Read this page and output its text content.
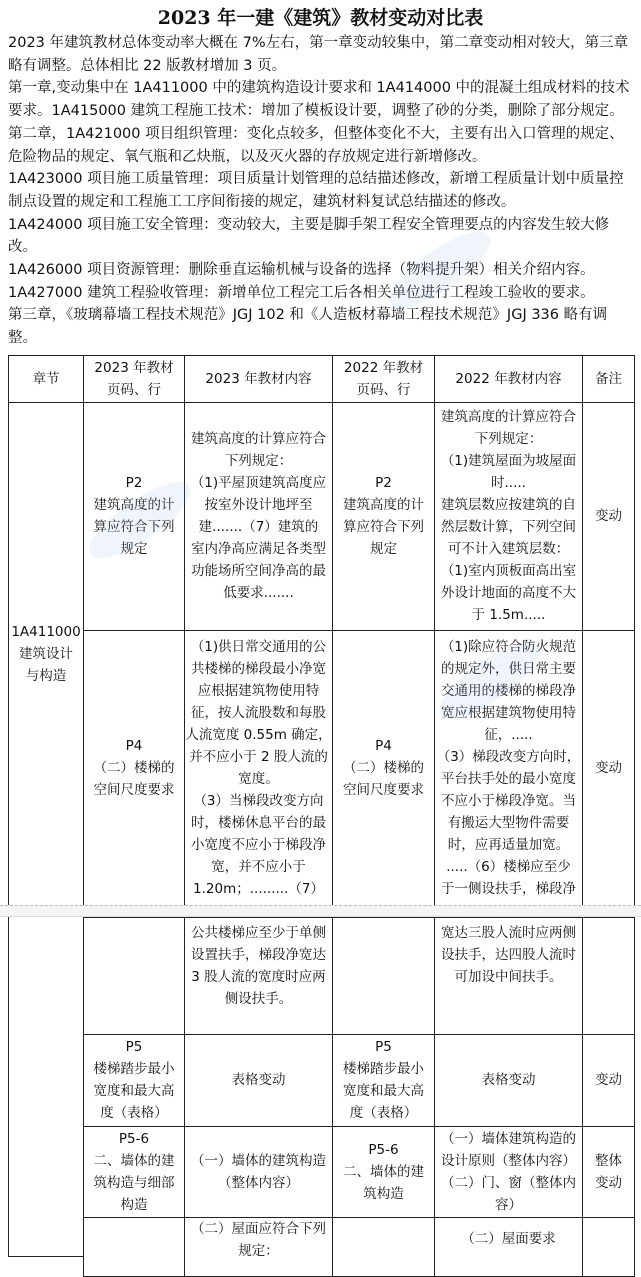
2023 年一建《建筑》教材变动对比表
2023 年建筑教材总体变动率大概在 7%左右，第一章变动较集中，第二章变动相对较大，第三章略有调整。总体相比 22 版教材增加 3 页。
第一章,变动集中在 1A411000 中的建筑构造设计要求和 1A414000 中的混凝土组成材料的技术要求。1A415000 建筑工程施工技术：增加了模板设计要，调整了砂的分类，删除了部分规定。
第二章，1A421000 项目组织管理：变化点较多，但整体变化不大，主要有出入口管理的规定、危险物品的规定、氧气瓶和乙炔瓶，以及灭火器的存放规定进行新增修改。
1A423000 项目施工质量管理：项目质量计划管理的总结描述修改，新增工程质量计划中质量控制点设置的规定和工程施工工序间衔接的规定，建筑材料复试总结描述的修改。
1A424000 项目施工安全管理：变动较大，主要是脚手架工程安全管理要点的内容发生较大修改。
1A426000 项目资源管理：删除垂直运输机械与设备的选择（物料提升架）相关介绍内容。
1A427000 建筑工程验收管理：新增单位工程完工后各相关单位进行工程竣工验收的要求。
第三章，《玻璃幕墙工程技术规范》JGJ 102 和《人造板材幕墙工程技术规范》JGJ 336 略有调整。
章节
2023 年教材
页码、行
2023 年教材内容
2022 年教材
页码、行
2022 年教材内容	备注
1A411000
建筑设计
与构造
P2
建筑高度的计
算应符合下列
规定
建筑高度的计算应符合
下列规定：
（1)平屋顶建筑高度应
按室外设计地坪至
建.......（7）建筑的
室内净高应满足各类型
功能场所空间净高的最
低要求.......
P2
建筑高度的计
算应符合下列
规定
建筑高度的计算应符合
下列规定：
（1)建筑屋面为坡屋面
时.....
建筑层数应按建筑的自
然层数计算，下列空间
可不计入建筑层数：
（1)室内顶板面高出室
外设计地面的高度不大
于 1.5m.....
变动
P4
（二）楼梯的
空间尺度要求
（1)供日常交通用的公
共楼梯的梯段最小净宽
应根据建筑物使用特
征，按人流股数和每股
人流宽度 0.55m 确定，
并不应小于 2 股人流的
宽度。
（3）当梯段改变方向
时，楼梯休息平台的最
小宽度不应小于梯段净
宽，并不应小于
1.20m；.........（7）
P4
（二）楼梯的
空间尺度要求
（1)除应符合防火规范
的规定外，供日常主要
交通用的楼梯的梯段净
宽应根据建筑物使用特
征，.....
（3）梯段改变方向时，
平台扶手处的最小宽度
不应小于梯段净宽。当
有搬运大型物件需要
时，应再适量加宽。
.....（6）楼梯应至少
于一侧设扶手，梯段净
变动
公共楼梯应至少于单侧
设置扶手，梯段净宽达
3 股人流的宽度时应两
侧设扶手。
宽达三股人流时应两侧
设扶手，达四股人流时
可加设中间扶手。
P5
楼梯踏步最小
宽度和最大高
度（表格）
表格变动
P5
楼梯踏步最小
宽度和最大高
度（表格）
表格变动	变动
P5-6
二、墙体的建
筑构造与细部
构造
（一）墙体的建筑构造
（整体内容）
P5-6
二、墙体的建
筑构造
（一）墙体建筑构造的
设计原则（整体内容）
（二）门、窗（整体内
容）
整体
变动
（二）屋面应符合下列
规定：
（二）屋面要求
